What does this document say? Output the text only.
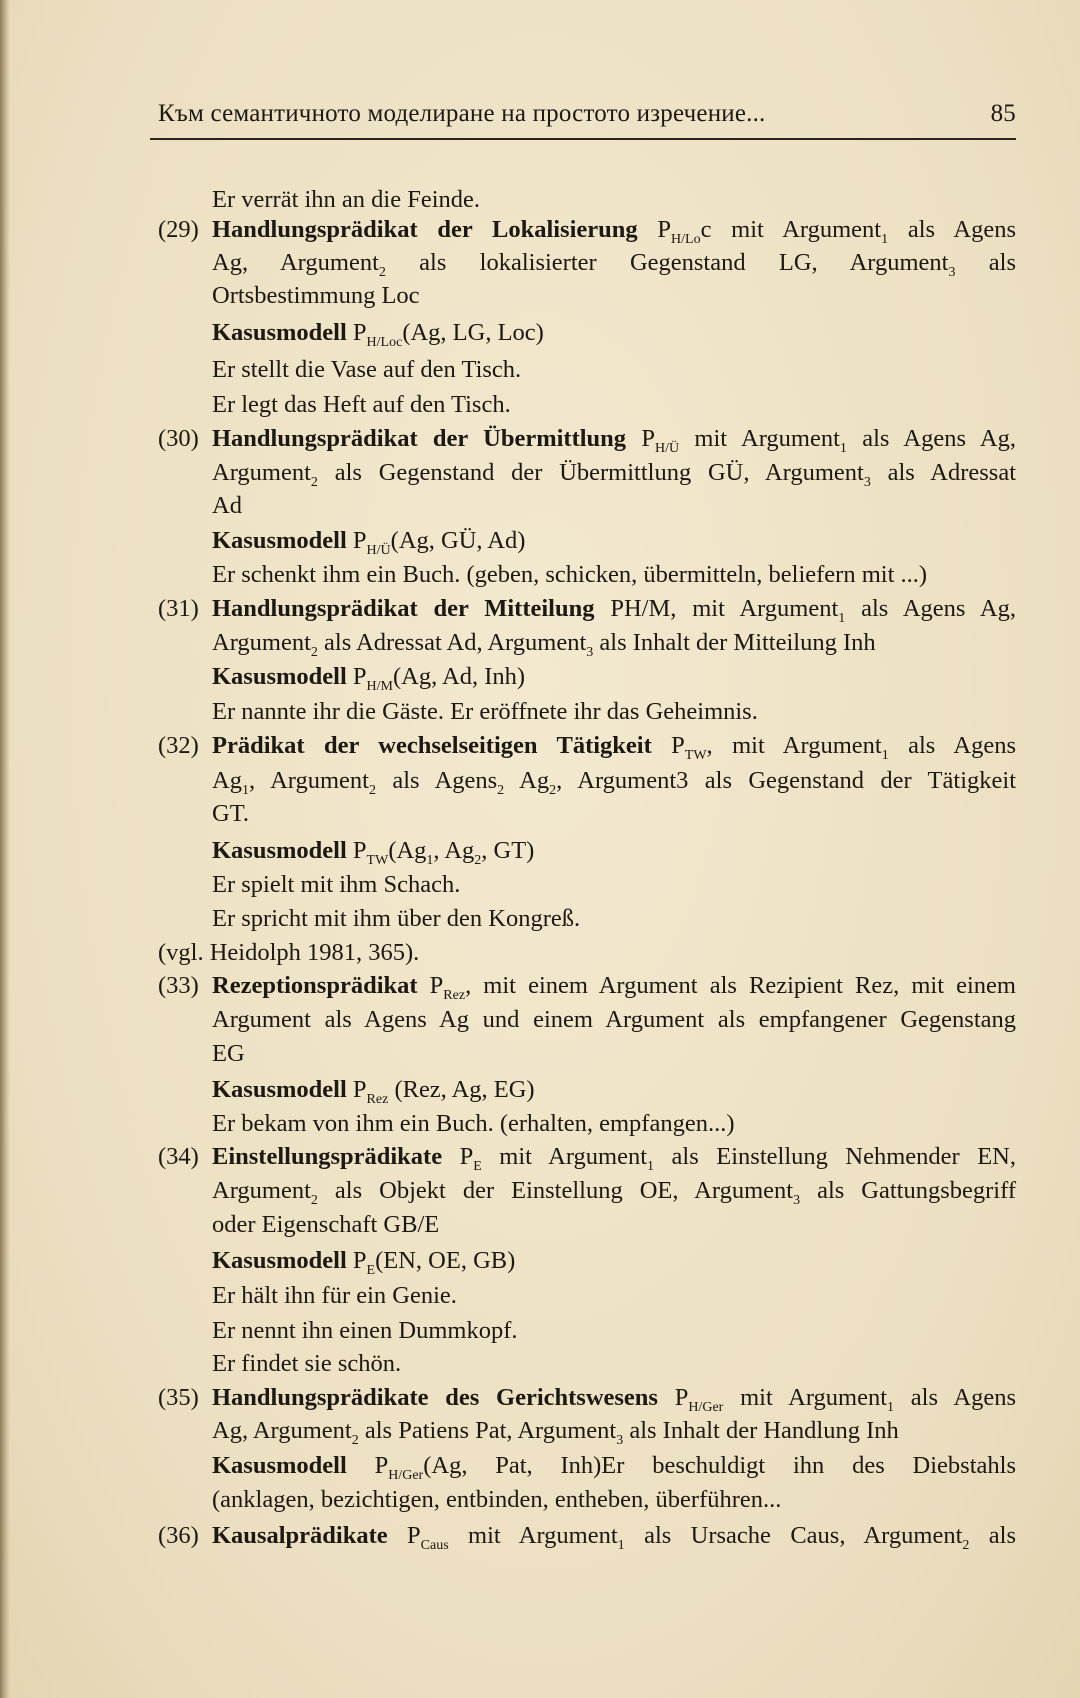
Към семантичното моделиране на простото изречение...	85
Er verrät ihn an die Feinde.
(29) Handlungsprädikat der Lokalisierung $P_{H/Lo}c$ mit Argument$_1$ als Agens
Ag, Argument$_2$ als lokalisierter Gegenstand LG, Argument$_3$ als
Ortsbestimmung Loc
Kasusmodell $P_{H/Loc}(Ag$, LG, Loc)
Er stellt die Vase auf den Tisch.
Er legt das Heft auf den Tisch.
(30) Handlungsprädikat der Übermittlung $P_{H/Ü}$ mit Argument$_1$ als Agens Ag,
Argument$_2$ als Gegenstand der Übermittlung GÜ, Argument$_3$ als Adressat
Ad
Kasusmodell $P_{H/Ü}(Ag$, GÜ, Ad)
Er schenkt ihm ein Buch. (geben, schicken, übermitteln, beliefern mit ...)
(31) Handlungsprädikat der Mitteilung PH/M, mit Argument$_1$ als Agens Ag,
Argument$_2$ als Adressat Ad, Argument$_3$ als Inhalt der Mitteilung Inh
Kasusmodell $P_{H/M}(Ag$, Ad, Inh)
Er nannte ihr die Gäste. Er eröffnete ihr das Geheimnis.
(32) Prädikat der wechselseitigen Tätigkeit $P_{TW}$, mit Argument$_1$ als Agens
$Ag_1$, Argument$_2$ als Agens$_2$ $Ag_2$, Argument3 als Gegenstand der Tätigkeit
GT.
Kasusmodell $P_{TW}(Ag_1$, $Ag_2$, GT)
Er spielt mit ihm Schach.
Er spricht mit ihm über den Kongreß.
(vgl. Heidolph 1981, 365).
(33) Rezeptionsprädikat $P_{Rez}$, mit einem Argument als Rezipient Rez, mit einem
Argument als Agens Ag und einem Argument als empfangener Gegenstang
EG
Kasusmodell $P_{Rez}$ (Rez, Ag, EG)
Er bekam von ihm ein Buch. (erhalten, empfangen...)
(34) Einstellungsprädikate $P_E$ mit Argument$_1$ als Einstellung Nehmender EN,
Argument$_2$ als Objekt der Einstellung OE, Argument$_3$ als Gattungsbegriff
oder Eigenschaft GB/E
Kasusmodell $P_E(EN$, OE, GB)
Er hält ihn für ein Genie.
Er nennt ihn einen Dummkopf.
Er findet sie schön.
(35) Handlungsprädikate des Gerichtswesens $P_{H/Ger}$ mit Argument$_1$ als Agens
Ag, Argument$_2$ als Patiens Pat, Argument$_3$ als Inhalt der Handlung Inh
Kasusmodell $P_{H/Ger}(Ag$, Pat, Inh)Er beschuldigt ihn des Diebstahls
(anklagen, bezichtigen, entbinden, entheben, überführen...
(36) Kausalprädikate $P_{Caus}$ mit Argument$_1$ als Ursache Caus, Argument$_2$ als
